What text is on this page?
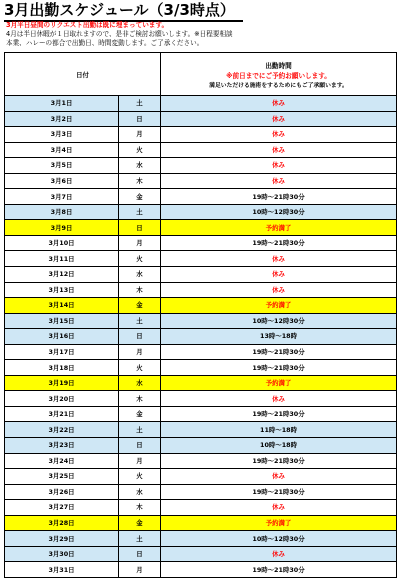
3月出勤スケジュール（3/3時点）
3月平日昼間のリクエスト出勤は既に埋まっています。
4月は半日休暇が１日取れますので、是非ご検討お願いします。※日程要相談
本業、ハレーの都合で出勤日、時間変動します。ご了承ください。
日付		出勤時間
※前日までにご予約お願いします。
満足いただける施術をするためにもご了承願います。

3月1日	土	休み
3月2日	日	休み
3月3日	月	休み
3月4日	火	休み
3月5日	水	休み
3月6日	木	休み
3月7日	金	19時～21時30分
3月8日	土	10時～12時30分
3月9日	日	予約満了
3月10日	月	19時～21時30分
3月11日	火	休み
3月12日	水	休み
3月13日	木	休み
3月14日	金	予約満了
3月15日	土	10時～12時30分
3月16日	日	13時～18時
3月17日	月	19時～21時30分
3月18日	火	19時～21時30分
3月19日	水	予約満了
3月20日	木	休み
3月21日	金	19時～21時30分
3月22日	土	11時～18時
3月23日	日	10時～18時
3月24日	月	19時～21時30分
3月25日	火	休み
3月26日	水	19時～21時30分
3月27日	木	休み
3月28日	金	予約満了
3月29日	土	10時～12時30分
3月30日	日	休み
3月31日	月	19時～21時30分
